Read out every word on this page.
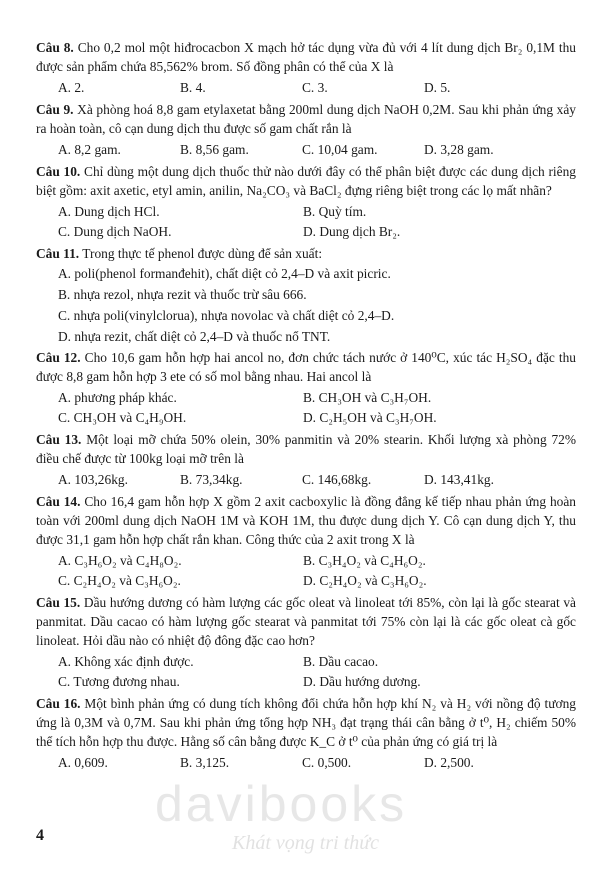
Câu 8. Cho 0,2 mol một hiđrocacbon X mạch hở tác dụng vừa đủ với 4 lít dung dịch Br₂ 0,1M thu được sản phẩm chứa 85,562% brom. Số đồng phân có thể của X là

A. 2.	B. 4.	C. 3.	D. 5.

Câu 9. Xà phòng hoá 8,8 gam etylaxetat bằng 200ml dung dịch NaOH 0,2M. Sau khi phản ứng xảy ra hoàn toàn, cô cạn dung dịch thu được số gam chất rắn là

A. 8,2 gam.	B. 8,56 gam.	C. 10,04 gam.	D. 3,28 gam.

Câu 10. Chỉ dùng một dung dịch thuốc thử nào dưới đây có thể phân biệt được các dung dịch riêng biệt gồm: axit axetic, etyl amin, anilin, Na₂CO₃ và BaCl₂ đựng riêng biệt trong các lọ mất nhãn?

A. Dung dịch HCl.	B. Quỳ tím.
C. Dung dịch NaOH.	D. Dung dịch Br₂.

Câu 11. Trong thực tế phenol được dùng để sản xuất:

A. poli(phenol formanđehit), chất diệt cỏ 2,4–D và axit picric.
B. nhựa rezol, nhựa rezit và thuốc trừ sâu 666.
C. nhựa poli(vinylclorua), nhựa novolac và chất diệt cỏ 2,4–D.
D. nhựa rezit, chất diệt cỏ 2,4–D và thuốc nổ TNT.

Câu 12. Cho 10,6 gam hỗn hợp hai ancol no, đơn chức tách nước ở 140⁰C, xúc tác H₂SO₄ đặc thu được 8,8 gam hỗn hợp 3 ete có số mol bằng nhau. Hai ancol là

A. phương pháp khác.	B. CH₃OH và C₃H₇OH.
C. CH₃OH và C₄H₉OH.	D. C₂H₅OH và C₃H₇OH.

Câu 13. Một loại mỡ chứa 50% olein, 30% panmitin và 20% stearin. Khối lượng xà phòng 72% điều chế được từ 100kg loại mỡ trên là

A. 103,26kg.	B. 73,34kg.	C. 146,68kg.	D. 143,41kg.

Câu 14. Cho 16,4 gam hỗn hợp X gồm 2 axit cacboxylic là đồng đẳng kế tiếp nhau phản ứng hoàn toàn với 200ml dung dịch NaOH 1M và KOH 1M, thu được dung dịch Y. Cô cạn dung dịch Y, thu được 31,1 gam hỗn hợp chất rắn khan. Công thức của 2 axit trong X là

A. C₃H₆O₂ và C₄H₈O₂.	B. C₃H₄O₂ và C₄H₆O₂.
C. C₂H₄O₂ và C₃H₆O₂.	D. C₂H₄O₂ và C₃H₆O₂.

Câu 15. Dầu hướng dương có hàm lượng các gốc oleat và linoleat tới 85%, còn lại là gốc stearat và panmitat. Dầu cacao có hàm lượng gốc stearat và panmitat tới 75% còn lại là các gốc oleat cà gốc linoleat. Hỏi dầu nào có nhiệt độ đông đặc cao hơn?

A. Không xác định được.	B. Dầu cacao.
C. Tương đương nhau.	D. Dầu hướng dương.

Câu 16. Một bình phản ứng có dung tích không đổi chứa hỗn hợp khí N₂ và H₂ với nồng độ tương ứng là 0,3M và 0,7M. Sau khi phản ứng tổng hợp NH₃ đạt trạng thái cân bằng ở t⁰, H₂ chiếm 50% thể tích hỗn hợp thu được. Hằng số cân bằng được K_C ở t⁰ của phản ứng có giá trị là

A. 0,609.	B. 3,125.	C. 0,500.	D. 2,500.
davibooks
Khát vọng tri thức
4
